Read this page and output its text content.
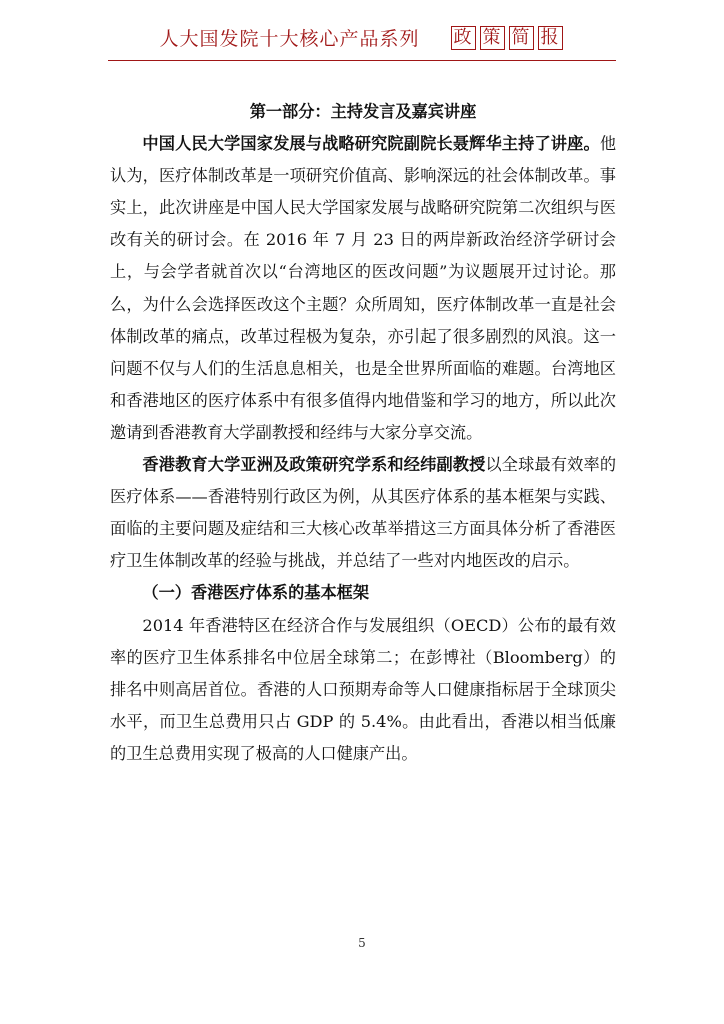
人大国发院十大核心产品系列 政 策 简 报

第一部分：主持发言及嘉宾讲座

中国人民大学国家发展与战略研究院副院长聂辉华主持了讲座。他认为，医疗体制改革是一项研究价值高、影响深远的社会体制改革。事实上，此次讲座是中国人民大学国家发展与战略研究院第二次组织与医改有关的研讨会。在 2016 年 7 月 23 日的两岸新政治经济学研讨会上，与会学者就首次以“台湾地区的医改问题”为议题展开过讨论。那么，为什么会选择医改这个主题？众所周知，医疗体制改革一直是社会体制改革的痛点，改革过程极为复杂，亦引起了很多剧烈的风浪。这一问题不仅与人们的生活息息相关，也是全世界所面临的难题。台湾地区和香港地区的医疗体系中有很多值得内地借鉴和学习的地方，所以此次邀请到香港教育大学副教授和经纬与大家分享交流。

香港教育大学亚洲及政策研究学系和经纬副教授以全球最有效率的医疗体系——香港特别行政区为例，从其医疗体系的基本框架与实践、面临的主要问题及症结和三大核心改革举措这三方面具体分析了香港医疗卫生体制改革的经验与挑战，并总结了一些对内地医改的启示。

（一）香港医疗体系的基本框架

2014 年香港特区在经济合作与发展组织（OECD）公布的最有效率的医疗卫生体系排名中位居全球第二；在彭博社（Bloomberg）的排名中则高居首位。香港的人口预期寿命等人口健康指标居于全球顶尖水平，而卫生总费用只占 GDP 的 5.4%。由此看出，香港以相当低廉的卫生总费用实现了极高的人口健康产出。

5
